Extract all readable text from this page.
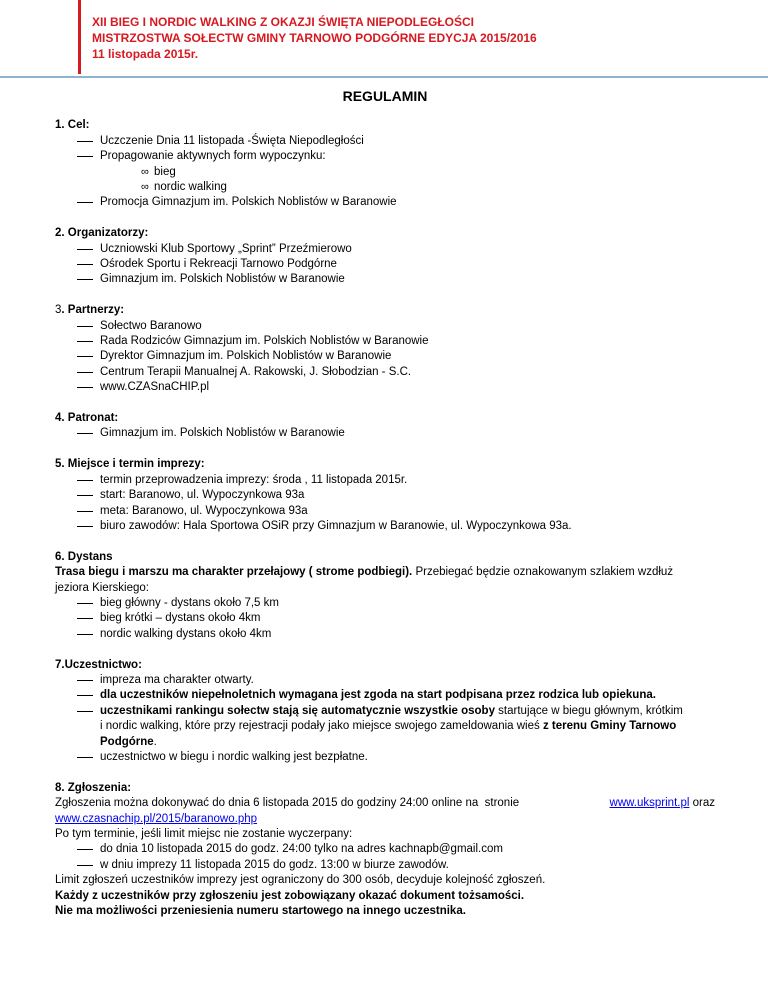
XII BIEG I NORDIC WALKING Z OKAZJI ŚWIĘTA NIEPODLEGŁOŚCI
MISTRZOSTWA SOŁECTW GMINY TARNOWO PODGÓRNE EDYCJA 2015/2016
11 listopada 2015r.
REGULAMIN
1. Cel:
Uczczenie Dnia 11 listopada -Święta Niepodległości
Propagowanie aktywnych form wypoczynku:
∞ bieg
∞ nordic walking
Promocja Gimnazjum im. Polskich Noblistów w Baranowie
2. Organizatorzy:
Uczniowski Klub Sportowy „Sprint” Przeźmierowo
Ośrodek Sportu i Rekreacji Tarnowo Podgórne
Gimnazjum im. Polskich Noblistów w Baranowie
3. Partnerzy:
Sołectwo Baranowo
Rada Rodziców Gimnazjum im. Polskich Noblistów w Baranowie
Dyrektor Gimnazjum im. Polskich Noblistów w Baranowie
Centrum Terapii Manualnej A. Rakowski, J. Słobodzian - S.C.
www.CZASnaCHIP.pl
4. Patronat:
Gimnazjum im. Polskich Noblistów w Baranowie
5. Miejsce i termin imprezy:
termin przeprowadzenia imprezy: środa , 11 listopada 2015r.
start: Baranowo, ul. Wypoczynkowa 93a
meta: Baranowo, ul. Wypoczynkowa 93a
biuro zawodów: Hala Sportowa OSiR przy Gimnazjum w Baranowie, ul. Wypoczynkowa 93a.
6. Dystans
Trasa biegu i marszu ma charakter przełajowy ( strome podbiegi). Przebiegać będzie oznakowanym szlakiem wzdłuż
jeziora Kierskiego:
bieg główny - dystans około 7,5 km
bieg krótki – dystans około 4km
nordic walking dystans około 4km
7.Uczestnictwo:
impreza ma charakter otwarty.
dla uczestników niepełnoletnich wymagana jest zgoda na start podpisana przez rodzica lub opiekuna.
uczestnikami rankingu sołectw stają się automatycznie wszystkie osoby startujące w biegu głównym, krótkim
i nordic walking, które przy rejestracji podały jako miejsce swojego zameldowania wieś z terenu Gminy Tarnowo
Podgórne.
uczestnictwo w biegu i nordic walking jest bezpłatne.
8. Zgłoszenia:
Zgłoszenia można dokonywać do dnia 6 listopada 2015 do godziny 24:00 online na  stronie	www.uksprint.pl oraz
www.czasnachip.pl/2015/baranowo.php
Po tym terminie, jeśli limit miejsc nie zostanie wyczerpany:
do dnia 10 listopada 2015 do godz. 24:00 tylko na adres kachnapb@gmail.com
w dniu imprezy 11 listopada 2015 do godz. 13:00 w biurze zawodów.
Limit zgłoszeń uczestników imprezy jest ograniczony do 300 osób, decyduje kolejność zgłoszeń.
Każdy z uczestników przy zgłoszeniu jest zobowiązany okazać dokument tożsamości.
Nie ma możliwości przeniesienia numeru startowego na innego uczestnika.
